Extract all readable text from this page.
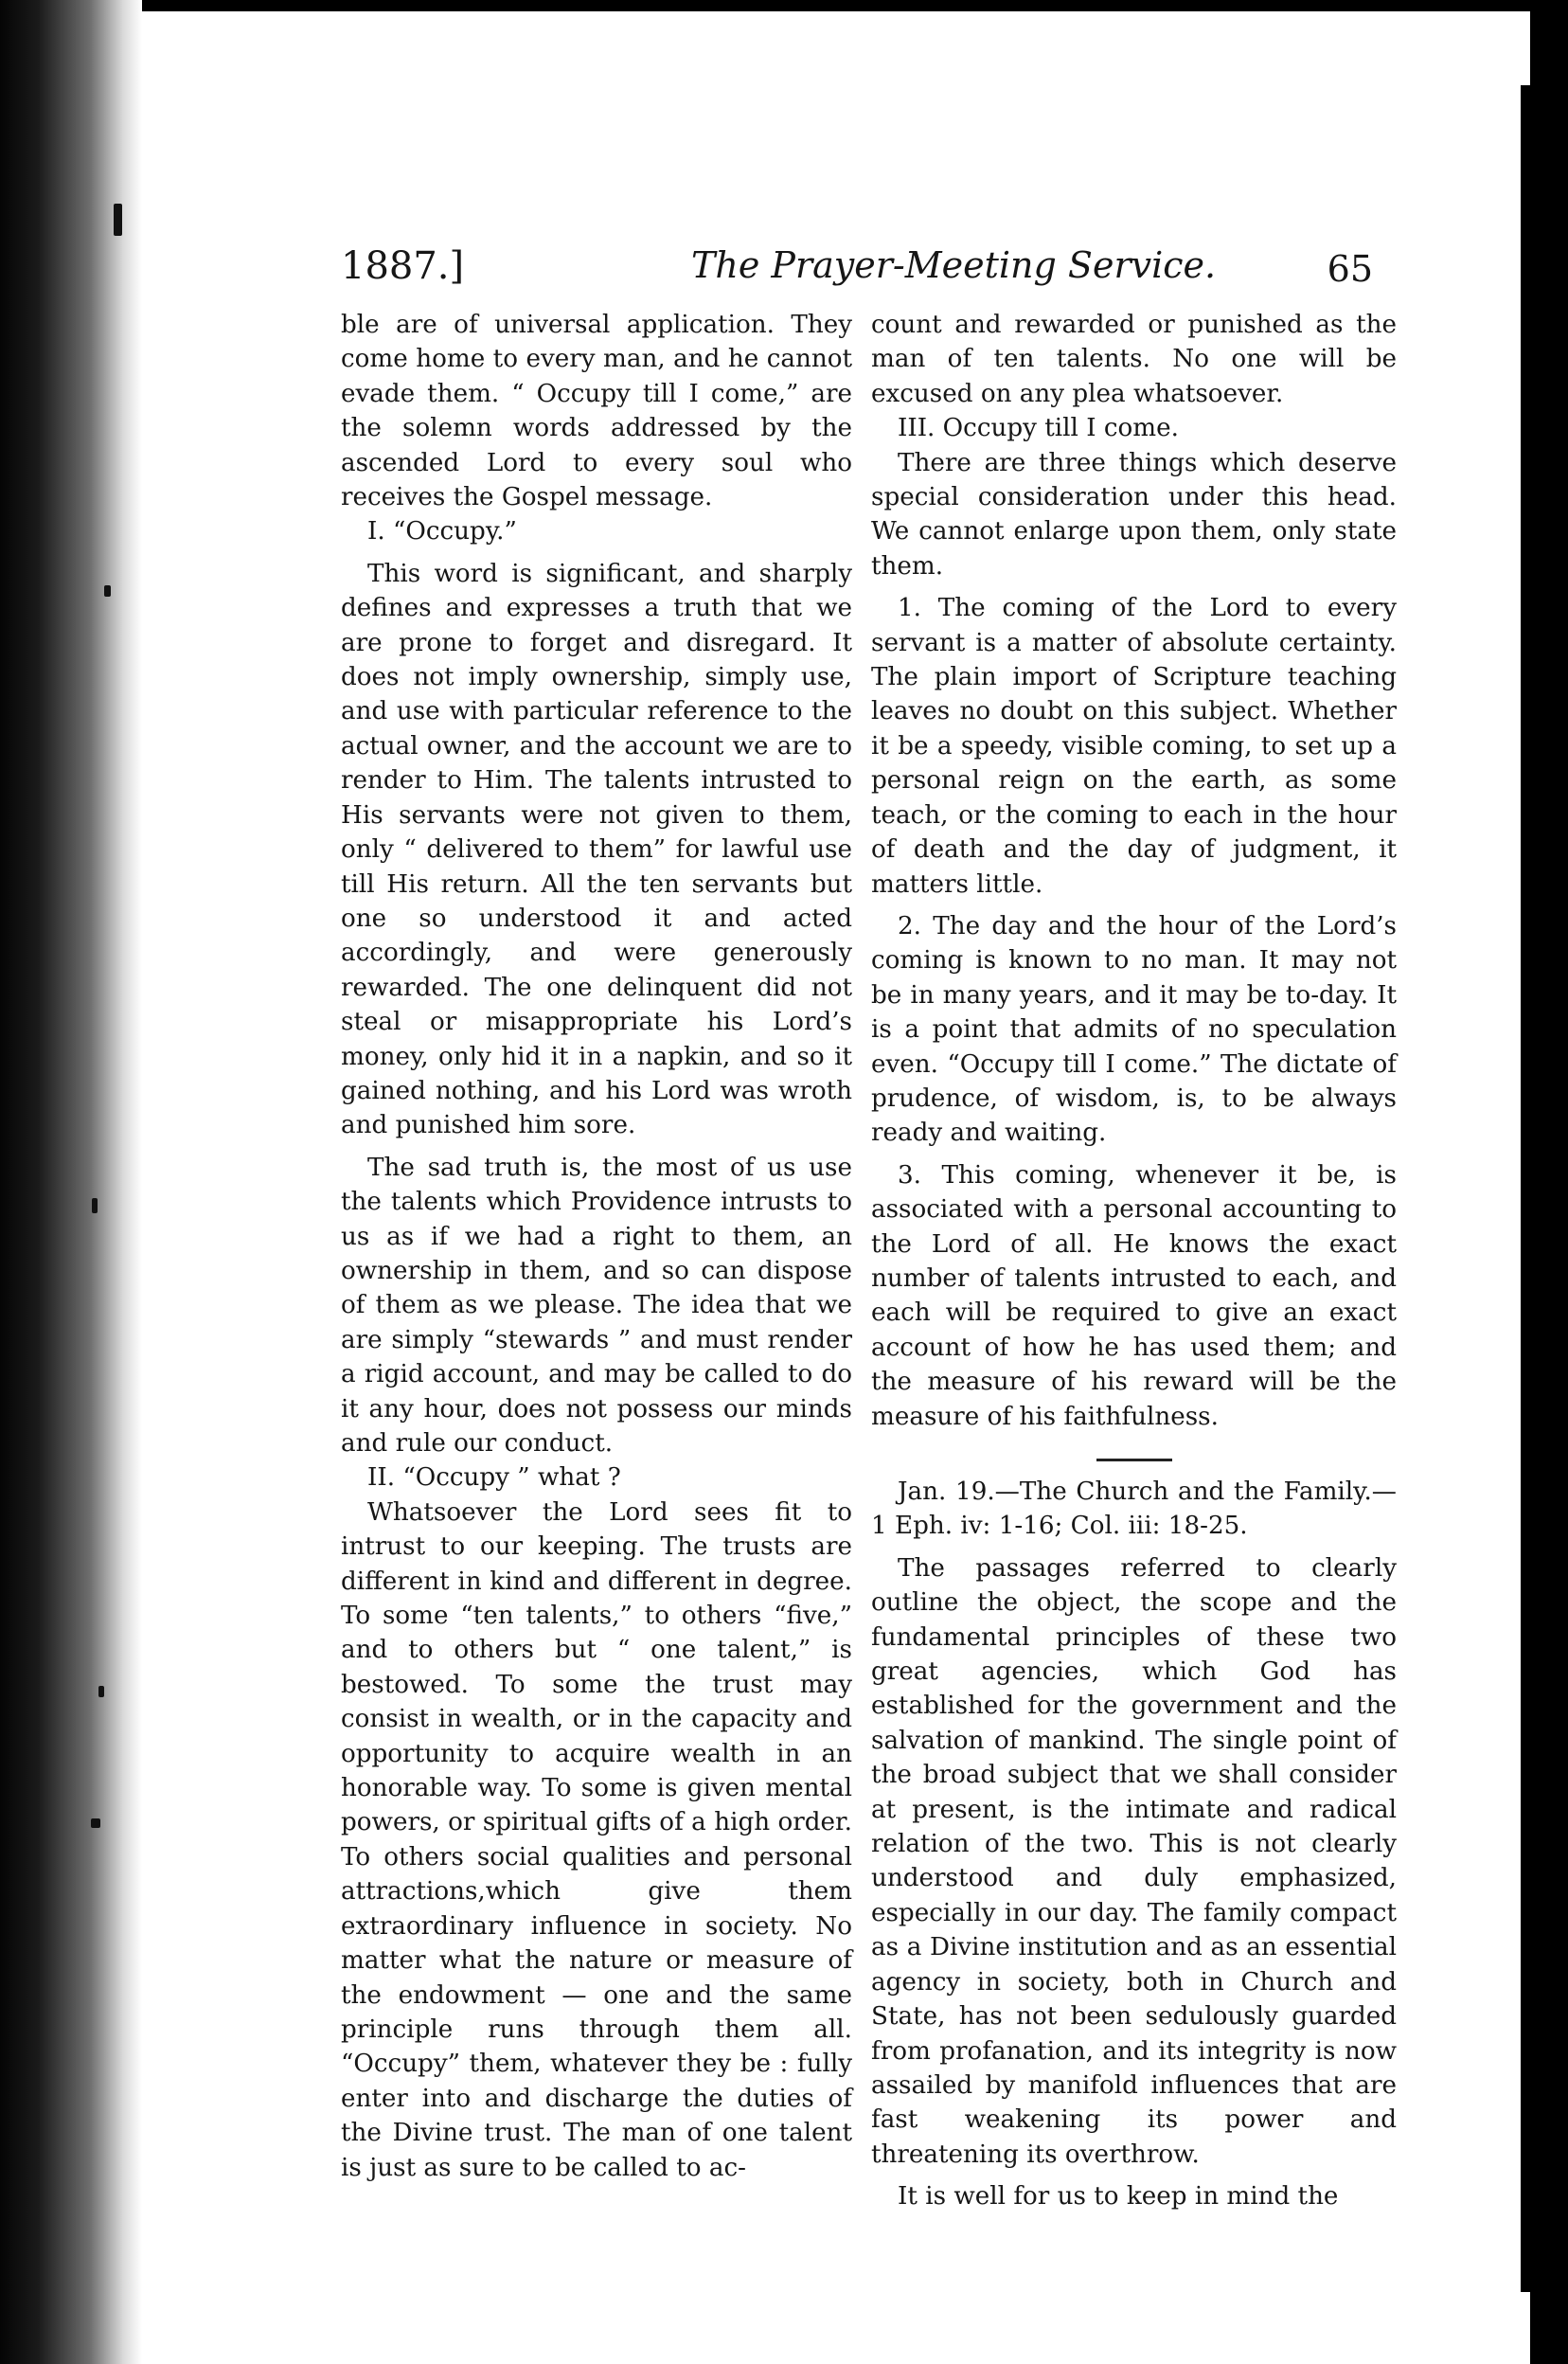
1887.]	The Prayer-Meeting Service.	65

ble are of universal application. They come home to every man, and he cannot evade them. “ Occupy till I come,” are the solemn words addressed by the ascended Lord to every soul who receives the Gospel message.

I. “Occupy.”

This word is significant, and sharply defines and expresses a truth that we are prone to forget and disregard. It does not imply ownership, simply use, and use with particular reference to the actual owner, and the account we are to render to Him. The talents intrusted to His servants were not given to them, only “ delivered to them” for lawful use till His return. All the ten servants but one so understood it and acted accordingly, and were generously rewarded. The one delinquent did not steal or misappropriate his Lord’s money, only hid it in a napkin, and so it gained nothing, and his Lord was wroth and punished him sore.

The sad truth is, the most of us use the talents which Providence intrusts to us as if we had a right to them, an ownership in them, and so can dispose of them as we please. The idea that we are simply “stewards ” and must render a rigid account, and may be called to do it any hour, does not possess our minds and rule our conduct.

II. “Occupy ” what ?

Whatsoever the Lord sees fit to intrust to our keeping. The trusts are different in kind and different in degree. To some “ten talents,” to others “five,” and to others but “ one talent,” is bestowed. To some the trust may consist in wealth, or in the capacity and opportunity to acquire wealth in an honorable way. To some is given mental powers, or spiritual gifts of a high order. To others social qualities and personal attractions,which give them extraordinary influence in society. No matter what the nature or measure of the endowment — one and the same principle runs through them all. “Occupy” them, whatever they be : fully enter into and discharge the duties of the Divine trust. The man of one talent is just as sure to be called to ac-

count and rewarded or punished as the man of ten talents. No one will be excused on any plea whatsoever.

III. Occupy till I come.

There are three things which deserve special consideration under this head. We cannot enlarge upon them, only state them.

1. The coming of the Lord to every servant is a matter of absolute certainty. The plain import of Scripture teaching leaves no doubt on this subject. Whether it be a speedy, visible coming, to set up a personal reign on the earth, as some teach, or the coming to each in the hour of death and the day of judgment, it matters little.

2. The day and the hour of the Lord’s coming is known to no man. It may not be in many years, and it may be to-day. It is a point that admits of no speculation even. “Occupy till I come.” The dictate of prudence, of wisdom, is, to be always ready and waiting.

3. This coming, whenever it be, is associated with a personal accounting to the Lord of all. He knows the exact number of talents intrusted to each, and each will be required to give an exact account of how he has used them; and the measure of his reward will be the measure of his faithfulness.

Jan. 19.—The Church and the Family.—1 Eph. iv: 1-16; Col. iii: 18-25.

The passages referred to clearly outline the object, the scope and the fundamental principles of these two great agencies, which God has established for the government and the salvation of mankind. The single point of the broad subject that we shall consider at present, is the intimate and radical relation of the two. This is not clearly understood and duly emphasized, especially in our day. The family compact as a Divine institution and as an essential agency in society, both in Church and State, has not been sedulously guarded from profanation, and its integrity is now assailed by manifold influences that are fast weakening its power and threatening its overthrow.

It is well for us to keep in mind the
